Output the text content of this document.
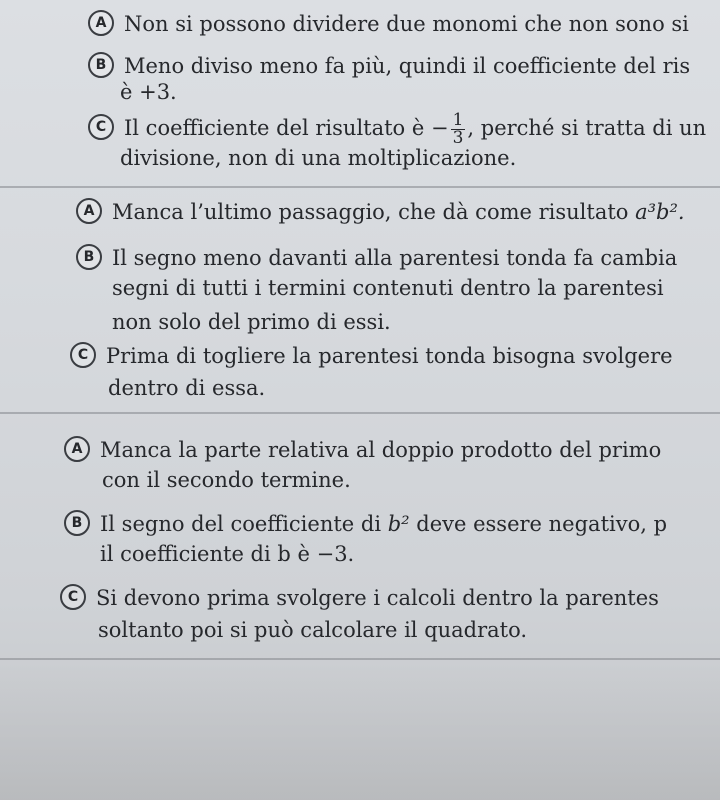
A Non si possono dividere due monomi che non sono si
B Meno diviso meno fa più, quindi il coefficiente del ris
è +3.
C Il coefficiente del risultato è − $\frac{1}{3}$ , perché si tratta di un
divisione, non di una moltiplicazione.
A Manca l’ultimo passaggio, che dà come risultato a³b².
B Il segno meno davanti alla parentesi tonda fa cambia
segni di tutti i termini contenuti dentro la parentesi
non solo del primo di essi.
C Prima di togliere la parentesi tonda bisogna svolgere
dentro di essa.
A Manca la parte relativa al doppio prodotto del primo
con il secondo termine.
B Il segno del coefficiente di b² deve essere negativo, p
il coefficiente di b è −3.
C Si devono prima svolgere i calcoli dentro la parentes
soltanto poi si può calcolare il quadrato.
